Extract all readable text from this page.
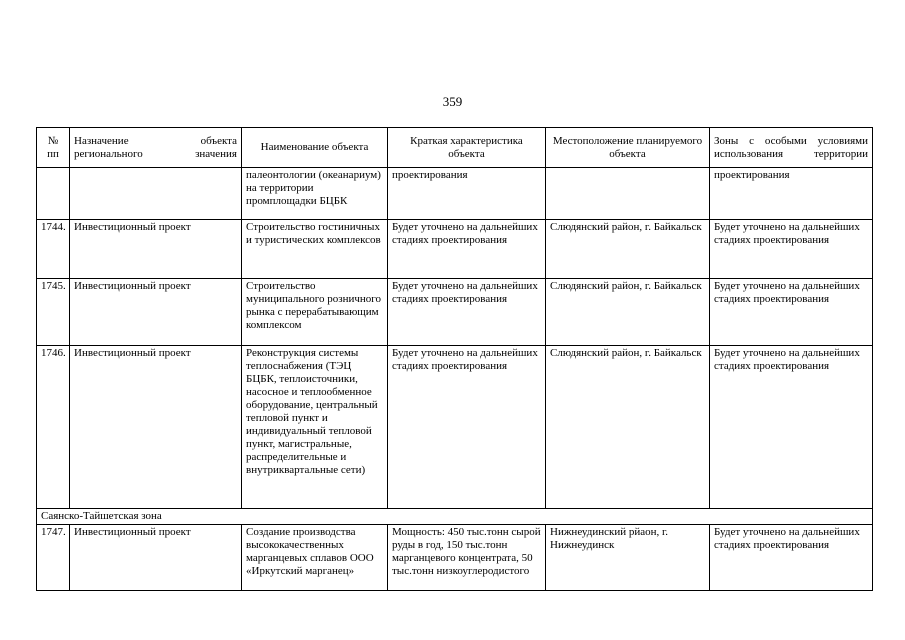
359
№ пп	Назначение объекта регионального значения	Наименование объекта	Краткая характеристика объекта	Местоположение планируемого объекта	Зоны с особыми условиями использования территории
		палеонтологии (океанариум) на территории промплощадки БЦБК	проектирования		проектирования
1744.	Инвестиционный проект	Строительство гостиничных и туристических комплексов	Будет уточнено на дальнейших стадиях проектирования	Слюдянский район, г. Байкальск	Будет уточнено на дальнейших стадиях проектирования
1745.	Инвестиционный проект	Строительство муниципального розничного рынка с перерабатывающим комплексом	Будет уточнено на дальнейших стадиях проектирования	Слюдянский район, г. Байкальск	Будет уточнено на дальнейших стадиях проектирования
1746.	Инвестиционный проект	Реконструкция системы теплоснабжения (ТЭЦ БЦБК, теплоисточники, насосное и теплообменное оборудование, центральный тепловой пункт и индивидуальный тепловой пункт, магистральные, распределительные и внутриквартальные сети)	Будет уточнено на дальнейших стадиях проектирования	Слюдянский район, г. Байкальск	Будет уточнено на дальнейших стадиях проектирования
Саянско-Тайшетская зона					
1747.	Инвестиционный проект	Создание производства высококачественных марганцевых сплавов ООО «Иркутский марганец»	Мощность: 450 тыс.тонн сырой руды в год, 150 тыс.тонн марганцевого концентрата, 50 тыс.тонн низкоуглеродистого	Нижнеудинский рйаон, г. Нижнеудинск	Будет уточнено на дальнейших стадиях проектирования
